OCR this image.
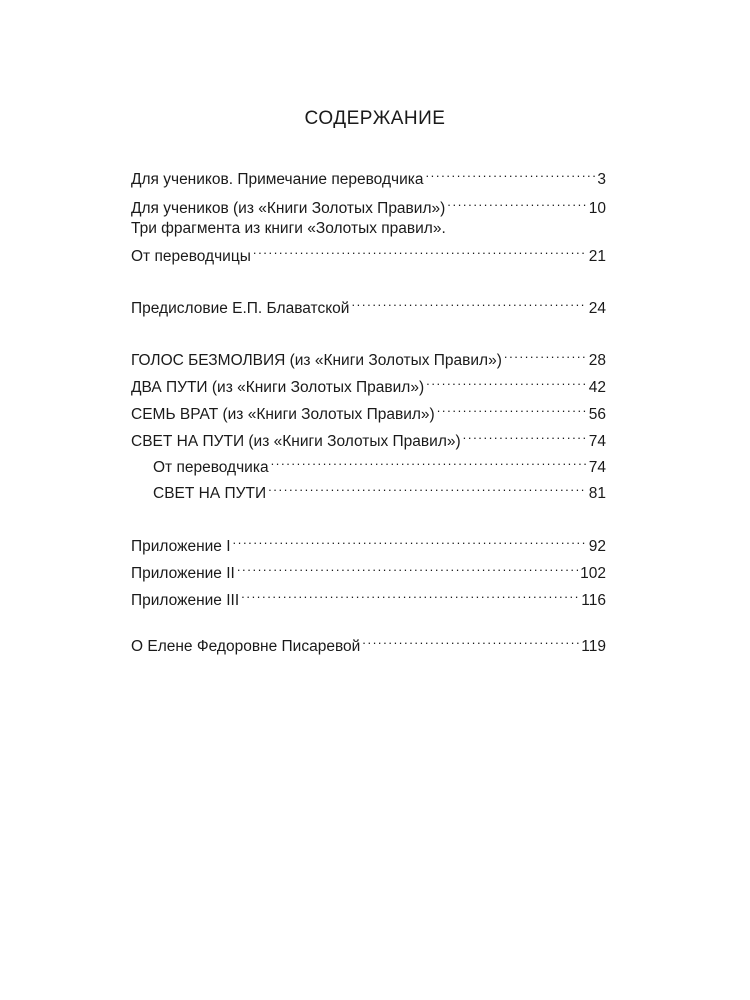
СОДЕРЖАНИЕ
Для учеников. Примечание переводчика .....	3
Для учеников (из «Книги Золотых Правил») .....	10
Три фрагмента из книги «Золотых правил».
От переводчицы .....	21
Предисловие Е.П. Блаватской .....	24
ГОЛОС БЕЗМОЛВИЯ (из «Книги Золотых Правил») .....	28
ДВА ПУТИ (из «Книги Золотых Правил») .....	42
СЕМЬ ВРАТ (из «Книги Золотых Правил») .....	56
СВЕТ НА ПУТИ (из «Книги Золотых Правил») .....	74
От переводчика .....	74
СВЕТ НА ПУТИ .....	81
Приложение I .....	92
Приложение II .....	102
Приложение III .....	116
О Елене Федоровне Писаревой .....	119
